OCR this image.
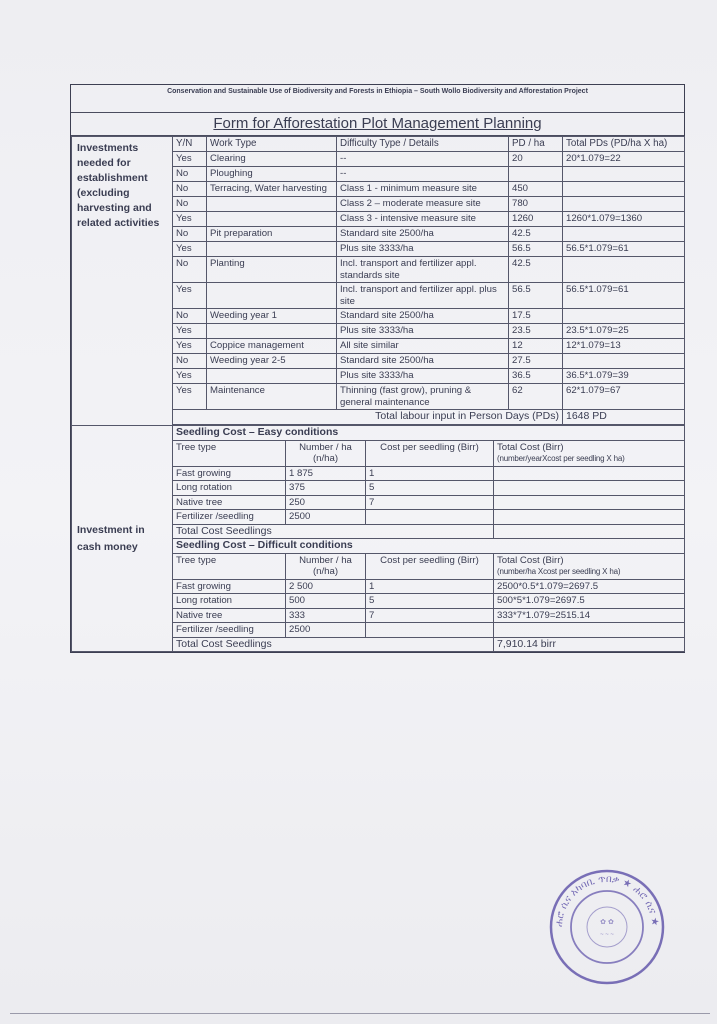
Conservation and Sustainable Use of Biodiversity and Forests in Ethiopia – South Wollo Biodiversity and Afforestation Project
Form for Afforestation Plot Management Planning
Investments needed for establishment (excluding harvesting and related activities	Y/N	Work Type	Difficulty Type / Details	PD / ha	Total PDs (PD/ha X ha)
	Yes	Clearing	--	20	20*1.079=22
	No	Ploughing	--		
	No	Terracing, Water harvesting	Class 1 - minimum measure site	450	
	No		Class 2 – moderate measure site	780	
	Yes		Class 3 - intensive measure site	1260	1260*1.079=1360
	No	Pit preparation	Standard site 2500/ha	42.5	
	Yes		Plus site 3333/ha	56.5	56.5*1.079=61
	No	Planting	Incl. transport and fertilizer appl. standards site	42.5	
	Yes		Incl. transport and fertilizer appl. plus site	56.5	56.5*1.079=61
	No	Weeding year 1	Standard site 2500/ha	17.5	
	Yes		Plus site 3333/ha	23.5	23.5*1.079=25
	Yes	Coppice management	All site similar	12	12*1.079=13
	No	Weeding year 2-5	Standard site 2500/ha	27.5	
	Yes		Plus site 3333/ha	36.5	36.5*1.079=39
	Yes	Maintenance	Thinning (fast grow), pruning & general maintenance	62	62*1.079=67
	Total labour input in Person Days (PDs)				1648 PD
Investment in cash money	Seedling Cost – Easy conditions			
	Tree type	Number / ha (n/ha)	Cost per seedling (Birr)	Total Cost (Birr)
(number/yearXcost per seedling X ha)

	Fast growing	1 875	1	
	Long rotation	375	5	
	Native tree	250	7	
	Fertilizer /seedling	2500		
	Total Cost Seedlings			
	Seedling Cost – Difficult conditions			
	Tree type	Number / ha (n/ha)	Cost per seedling (Birr)	Total Cost (Birr)
(number/ha Xcost per seedling X ha)

	Fast growing	2 500	1	2500*0.5*1.079=2697.5
	Long rotation	500	5	500*5*1.079=2697.5
	Native tree	333	7	333*7*1.079=2515.14
	Fertilizer /seedling	2500		
	Total Cost Seedlings			7,910.14 birr
ሐሮ ሲና አካባቢ ጥበቃ ★ ሐሮ ሲና ★
✿ ✿
~ ~ ~
